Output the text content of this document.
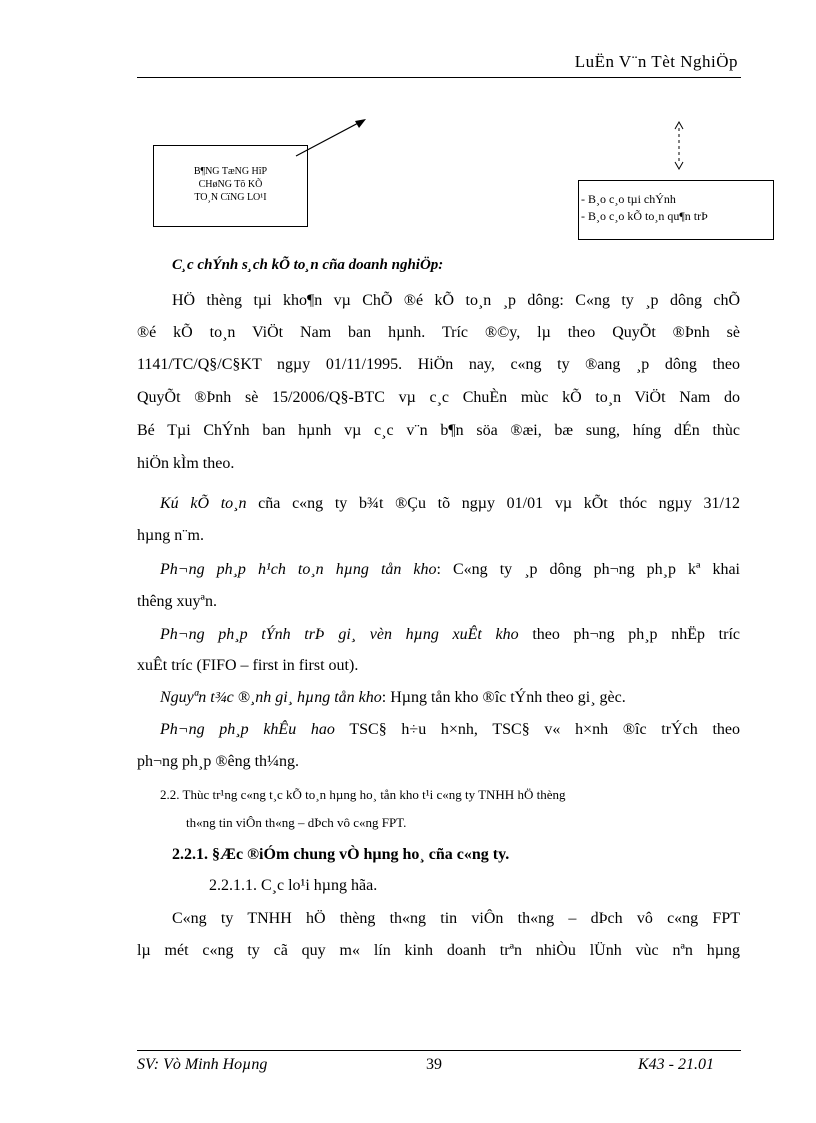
LuËn V¨n Tèt NghiÖp
B¶NG TæNG HîP
CHøNG Tõ KÕ
TO¸N CïNG LO¹I	- B¸o c¸o tµi chÝnh
- B¸o c¸o kÕ to¸n qu¶n trÞ
C¸c chÝnh s¸ch kÕ to¸n cña doanh nghiÖp:
HÖ thèng tµi kho¶n vµ ChÕ ®é kÕ to¸n ¸p dông: C«ng ty ¸p dông chÕ
®é kÕ to¸n ViÖt Nam ban hµnh. Tríc ®©y, lµ theo QuyÕt ®Þnh sè
1141/TC/Q§/C§KT ngµy 01/11/1995. HiÖn nay, c«ng ty ®ang ¸p dông theo
QuyÕt ®Þnh sè 15/2006/Q§-BTC vµ c¸c ChuÈn mùc kÕ to¸n ViÖt Nam do
Bé Tµi ChÝnh ban hµnh vµ c¸c v¨n b¶n söa ®æi, bæ sung, híng dÉn thùc
hiÖn kÌm theo.
Kú kÕ to¸n cña c«ng ty b¾t ®Çu tõ ngµy 01/01 vµ kÕt thóc ngµy 31/12
hµng n¨m.
Ph¬ng ph¸p h¹ch to¸n hµng tån kho: C«ng ty ¸p dông ph¬ng ph¸p kª khai
thêng xuyªn.
Ph¬ng ph¸p tÝnh trÞ gi¸ vèn hµng xuÊt kho theo ph¬ng ph¸p nhËp tríc
xuÊt tríc (FIFO – first in first out).
Nguyªn t¾c ®¸nh gi¸ hµng tån kho: Hµng tån kho ®îc tÝnh theo gi¸ gèc.
Ph¬ng ph¸p khÊu hao TSC§ h÷u h×nh, TSC§ v« h×nh ®îc trÝch theo
ph¬ng ph¸p ®êng th¼ng.
2.2. Thùc tr¹ng c«ng t¸c kÕ to¸n hµng ho¸ tån kho t¹i c«ng ty TNHH hÖ thèng
th«ng tin viÔn th«ng – dÞch vô c«ng FPT.
2.2.1. §Æc ®iÓm chung vÒ hµng ho¸ cña c«ng ty.
2.2.1.1. C¸c lo¹i hµng hãa.
C«ng ty TNHH hÖ thèng th«ng tin viÔn th«ng – dÞch vô c«ng FPT
lµ mét c«ng ty cã quy m« lín kinh doanh trªn nhiÒu lÜnh vùc nªn hµng
SV: Vò Minh Hoµng	39	K43 - 21.01
